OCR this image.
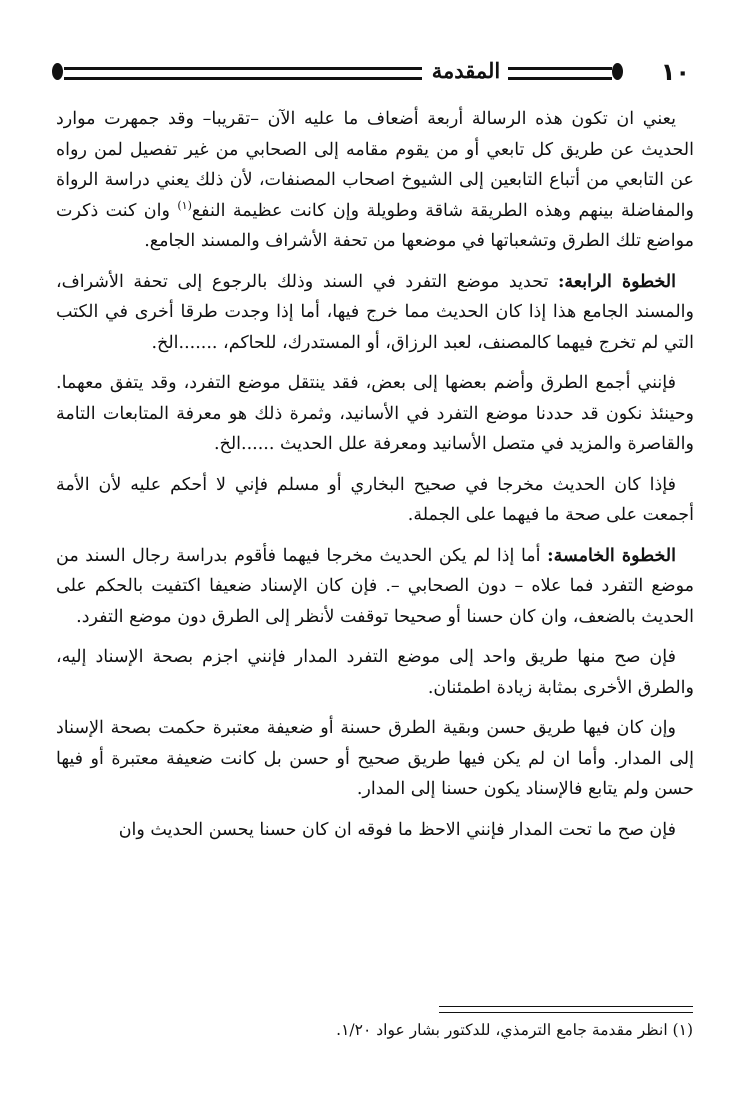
المقدمة	١٠

يعني ان تكون هذه الرسالة أربعة أضعاف ما عليه الآن –تقريبا– وقد جمهرت موارد الحديث عن طريق كل تابعي أو من يقوم مقامه إلى الصحابي من غير تفصيل لمن رواه عن التابعي من أتباع التابعين إلى الشيوخ اصحاب المصنفات، لأن ذلك يعني دراسة الرواة والمفاضلة بينهم وهذه الطريقة شاقة وطويلة وإن كانت عظيمة النفع$^{(١)}$ وان كنت ذكرت مواضع تلك الطرق وتشعباتها في موضعها من تحفة الأشراف والمسند الجامع.

الخطوة الرابعة: تحديد موضع التفرد في السند وذلك بالرجوع إلى تحفة الأشراف، والمسند الجامع هذا إذا كان الحديث مما خرج فيها، أما إذا وجدت طرقا أخرى في الكتب التي لم تخرج فيهما كالمصنف، لعبد الرزاق، أو المستدرك، للحاكم، .......الخ.

فإنني أجمع الطرق وأضم بعضها إلى بعض، فقد ينتقل موضع التفرد، وقد يتفق معهما. وحينئذ نكون قد حددنا موضع التفرد في الأسانيد، وثمرة ذلك هو معرفة المتابعات التامة والقاصرة والمزيد في متصل الأسانيد ومعرفة علل الحديث ......الخ.

فإذا كان الحديث مخرجا في صحيح البخاري أو مسلم فإني لا أحكم عليه لأن الأمة أجمعت على صحة ما فيهما على الجملة.

الخطوة الخامسة: أما إذا لم يكن الحديث مخرجا فيهما فأقوم بدراسة رجال السند من موضع التفرد فما علاه – دون الصحابي –. فإن كان الإسناد ضعيفا اكتفيت بالحكم على الحديث بالضعف، وان كان حسنا أو صحيحا توقفت لأنظر إلى الطرق دون موضع التفرد.

فإن صح منها طريق واحد إلى موضع التفرد المدار فإنني اجزم بصحة الإسناد إليه، والطرق الأخرى بمثابة زيادة اطمئنان.

وإن كان فيها طريق حسن وبقية الطرق حسنة أو ضعيفة معتبرة حكمت بصحة الإسناد إلى المدار. وأما ان لم يكن فيها طريق صحيح أو حسن بل كانت ضعيفة معتبرة أو فيها حسن ولم يتابع فالإسناد يكون حسنا إلى المدار.

فإن صح ما تحت المدار فإنني الاحظ ما فوقه ان كان حسنا يحسن الحديث وان

(١) انظر مقدمة جامع الترمذي، للدكتور بشار عواد ١/٢٠.
